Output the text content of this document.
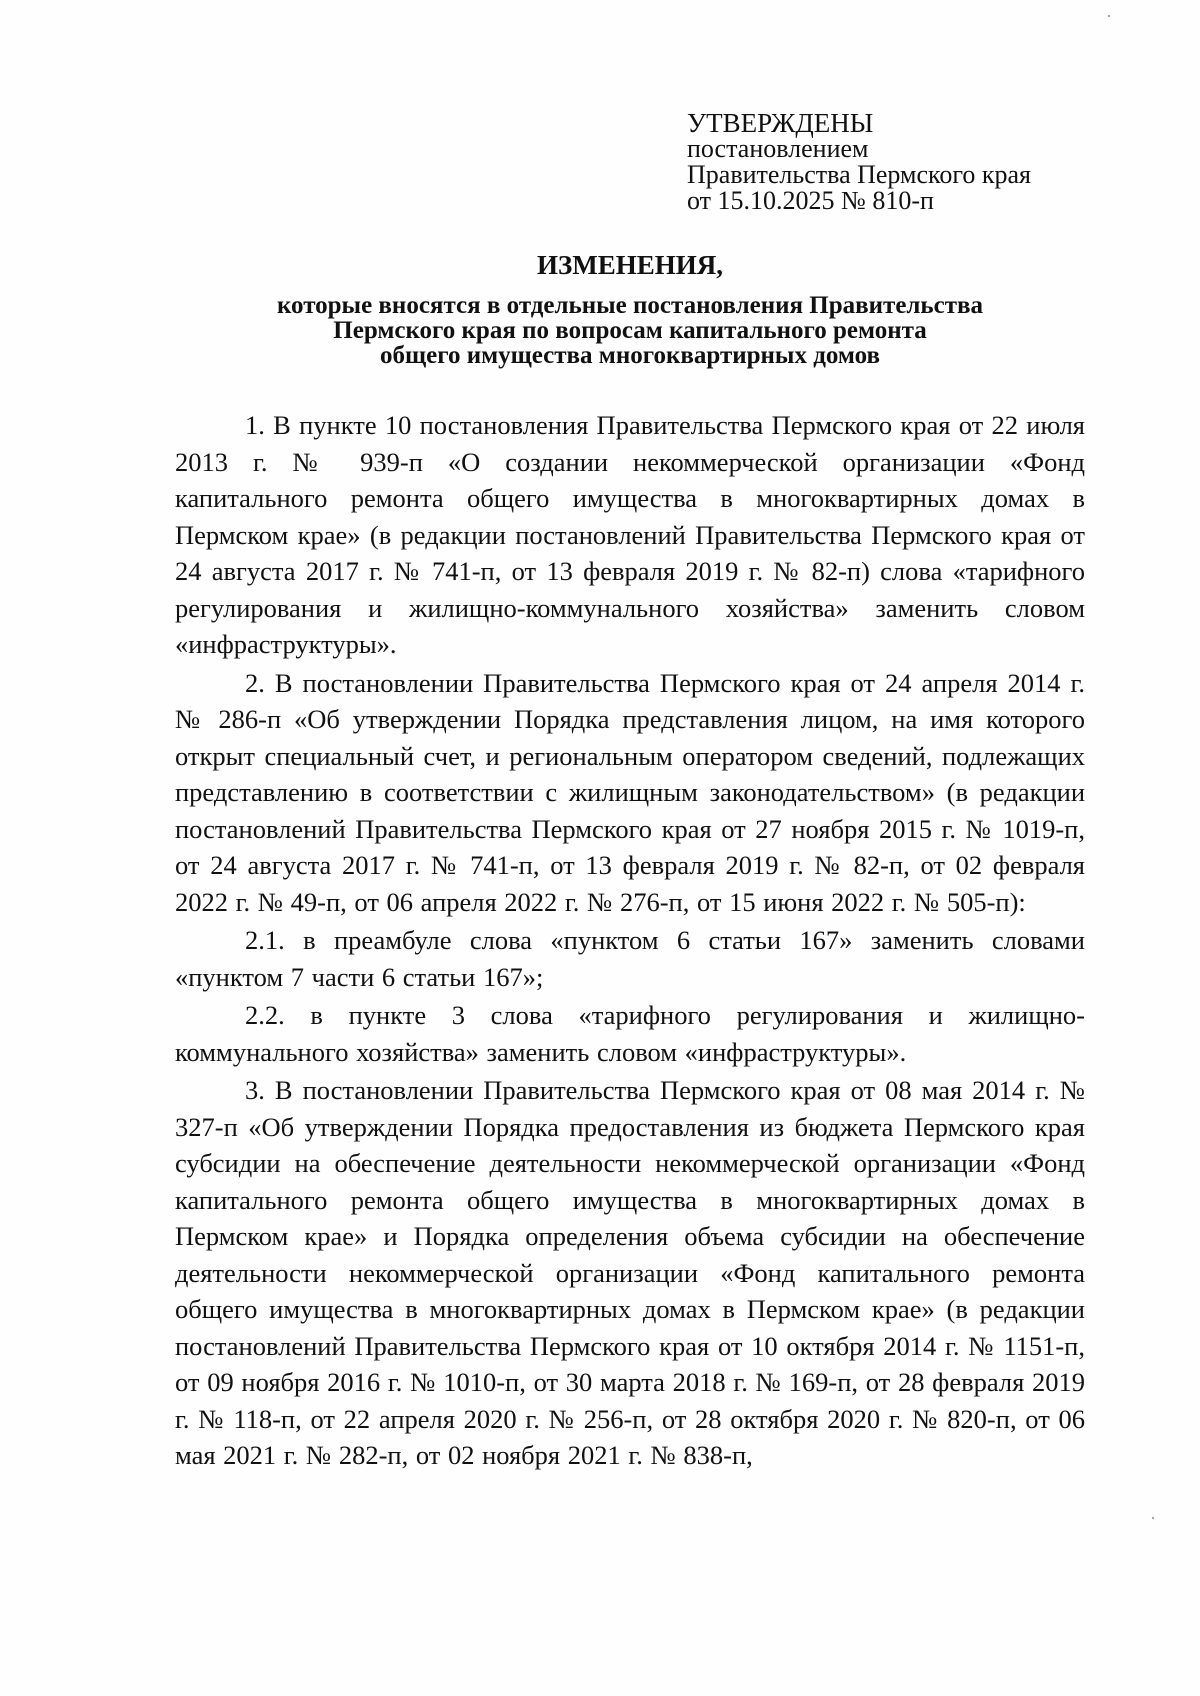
УТВЕРЖДЕНЫ
постановлением
Правительства Пермского края
от 15.10.2025 № 810-п
ИЗМЕНЕНИЯ,
которые вносятся в отдельные постановления Правительства
Пермского края по вопросам капитального ремонта
общего имущества многоквартирных домов

1. В пункте 10 постановления Правительства Пермского края от 22 июля 2013 г. № 939-п «О создании некоммерческой организации «Фонд капитального ремонта общего имущества в многоквартирных домах в Пермском крае» (в редакции постановлений Правительства Пермского края от 24 августа 2017 г. № 741-п, от 13 февраля 2019 г. № 82-п) слова «тарифного регулирования и жилищно-коммунального хозяйства» заменить словом «инфраструктуры».

2. В постановлении Правительства Пермского края от 24 апреля 2014 г. № 286-п «Об утверждении Порядка представления лицом, на имя которого открыт специальный счет, и региональным оператором сведений, подлежащих представлению в соответствии с жилищным законодательством» (в редакции постановлений Правительства Пермского края от 27 ноября 2015 г. № 1019-п, от 24 августа 2017 г. № 741-п, от 13 февраля 2019 г. № 82-п, от 02 февраля 2022 г. № 49-п, от 06 апреля 2022 г. № 276-п, от 15 июня 2022 г. № 505-п):

2.1. в преамбуле слова «пунктом 6 статьи 167» заменить словами «пунктом 7 части 6 статьи 167»;

2.2. в пункте 3 слова «тарифного регулирования и жилищно-коммунального хозяйства» заменить словом «инфраструктуры».

3. В постановлении Правительства Пермского края от 08 мая 2014 г. № 327-п «Об утверждении Порядка предоставления из бюджета Пермского края субсидии на обеспечение деятельности некоммерческой организации «Фонд капитального ремонта общего имущества в многоквартирных домах в Пермском крае» и Порядка определения объема субсидии на обеспечение деятельности некоммерческой организации «Фонд капитального ремонта общего имущества в многоквартирных домах в Пермском крае» (в редакции постановлений Правительства Пермского края от 10 октября 2014 г. № 1151-п, от 09 ноября 2016 г. № 1010-п, от 30 марта 2018 г. № 169-п, от 28 февраля 2019 г. № 118-п, от 22 апреля 2020 г. № 256-п, от 28 октября 2020 г. № 820-п, от 06 мая 2021 г. № 282-п, от 02 ноября 2021 г. № 838-п,
